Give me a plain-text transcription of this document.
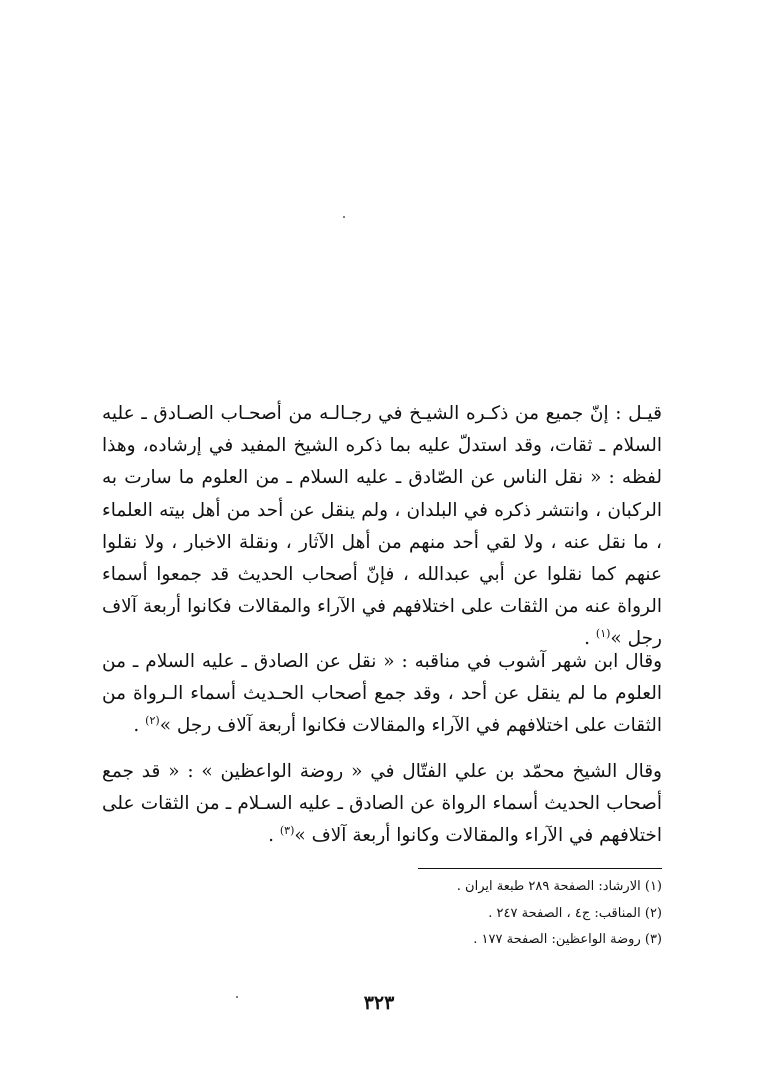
قيـل : إنّ جميع من ذكـره الشيـخ في رجـالـه من أصحـاب الصـادق ـ عليه السلام ـ ثقات، وقد استدلّ عليه بما ذكره الشيخ المفيد في إرشاده، وهذا لفظه : « نقل الناس عن الصّادق ـ عليه السلام ـ من العلوم ما سارت به الركبان ، وانتشر ذكره في البلدان ، ولم ينقل عن أحد من أهل بيته العلماء ، ما نقل عنه ، ولا لقي أحد منهم من أهل الآثار ، ونقلة الاخبار ، ولا نقلوا عنهم كما نقلوا عن أبي عبدالله ، فإنّ أصحاب الحديث قد جمعوا أسماء الرواة عنه من الثقات على اختلافهم في الآراء والمقالات فكانوا أربعة آلاف رجل »$^{(١)}$ .

وقال ابن شهر آشوب في مناقبه : « نقل عن الصادق ـ عليه السلام ـ من العلوم ما لم ينقل عن أحد ، وقد جمع أصحاب الحـديث أسماء الـرواة من الثقات على اختلافهم في الآراء والمقالات فكانوا أربعة آلاف رجل »$^{(٢)}$ .

وقال الشيخ محمّد بن علي الفتّال في « روضة الواعظين » : « قد جمع أصحاب الحديث أسماء الرواة عن الصادق ـ عليه السـلام ـ من الثقات على اختلافهم في الآراء والمقالات وكانوا أربعة آلاف »$^{(٣)}$ .

(١) الارشاد: الصفحة ٢٨٩ طبعة ايران .

(٢) المناقب: ج٤ ، الصفحة ٢٤٧ .

(٣) روضة الواعظين: الصفحة ١٧٧ .

٣٢٣
